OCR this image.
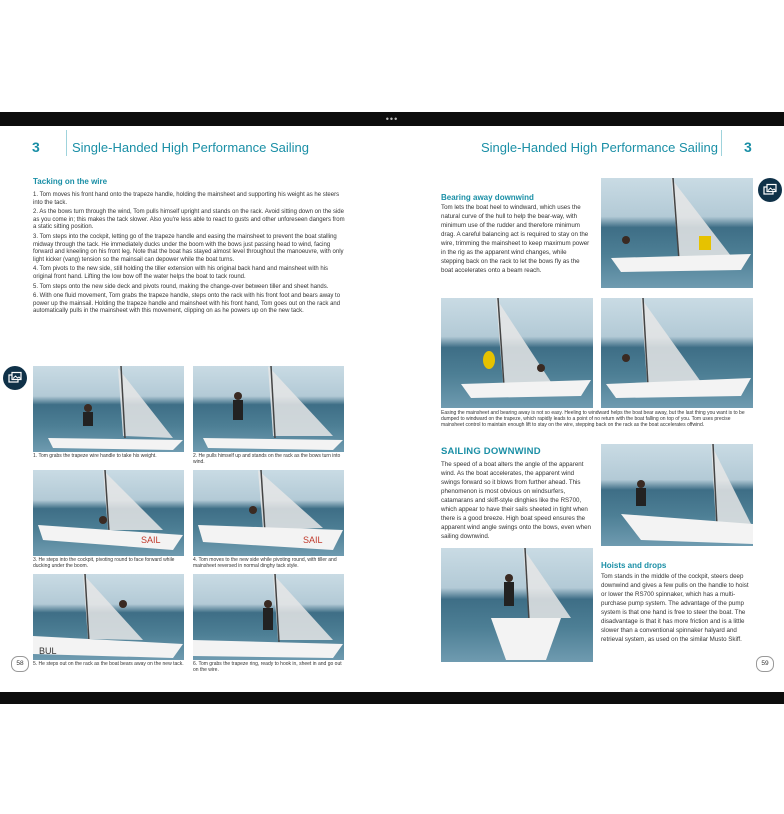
•••
3 Single-Handed High Performance Sailing	Single-Handed High Performance Sailing 3
Tacking on the wire

1. Tom moves his front hand onto the trapeze handle, holding the mainsheet and supporting his weight as he steers into the tack.

2. As the bows turn through the wind, Tom pulls himself upright and stands on the rack. Avoid sitting down on the side as you come in; this makes the tack slower. Also you're less able to react to gusts and other unforeseen dangers from a static sitting position.

3. Tom steps into the cockpit, letting go of the trapeze handle and easing the mainsheet to prevent the boat stalling midway through the tack. He immediately ducks under the boom with the bows just passing head to wind, facing forward and kneeling on his front leg. Note that the boat has stayed almost level throughout the manoeuvre, with only light kicker (vang) tension so the mainsail can depower while the boat turns.

4. Tom pivots to the new side, still holding the tiller extension with his original back hand and mainsheet with his original front hand. Lifting the low bow off the water helps the boat to tack round.

5. Tom steps onto the new side deck and pivots round, making the change-over between tiller and sheet hands.

6. With one fluid movement, Tom grabs the trapeze handle, steps onto the rack with his front foot and bears away to power up the mainsail. Holding the trapeze handle and mainsheet with his front hand, Tom goes out on the rack and automatically pulls in the mainsheet with this movement, clipping on as he powers up on the new tack.

1. Tom grabs the trapeze wire handle to take his weight.	2. He pulls himself up and stands on the rack as the bows turn into wind.
SAIL
3. He steps into the cockpit, pivoting round to face forward while ducking under the boom.
SAIL
4. Tom moves to the new side while pivoting round, with tiller and mainsheet reversed in normal dinghy tack style.
BUL
5. He steps out on the rack as the boat bears away on the new tack. 6. Tom grabs the trapeze ring, ready to hook in, sheet in and go out on the wire.
58
Bearing away downwind
Tom lets the boat heel to windward, which uses the natural curve of the hull to help the bear-way, with minimum use of the rudder and therefore minimum drag. A careful balancing act is required to stay on the wire, trimming the mainsheet to keep maximum power in the rig as the apparent wind changes, while stepping back on the rack to let the bows fly as the boat accelerates onto a beam reach.
Easing the mainsheet and bearing away is not so easy. Heeling to windward helps the boat bear away, but the last thing you want is to be dumped to windward on the trapeze, which rapidly leads to a point of no return with the boat falling on top of you. Tom uses precise mainsheet control to maintain enough lift to stay on the wire, stepping back on the rack as the boat accelerates offwind.
SAILING DOWNWIND
The speed of a boat alters the angle of the apparent wind. As the boat accelerates, the apparent wind swings forward so it blows from further ahead. This phenomenon is most obvious on windsurfers, catamarans and skiff-style dinghies like the RS700, which appear to have their sails sheeted in tight when there is a good breeze. High boat speed ensures the apparent wind angle swings onto the bows, even when sailing downwind.
Hoists and drops
Tom stands in the middle of the cockpit, steers deep downwind and gives a few pulls on the handle to hoist or lower the RS700 spinnaker, which has a multi-purchase pump system. The advantage of the pump system is that one hand is free to steer the boat. The disadvantage is that it has more friction and is a little slower than a conventional spinnaker halyard and retrieval system, as used on the similar Musto Skiff.
59
